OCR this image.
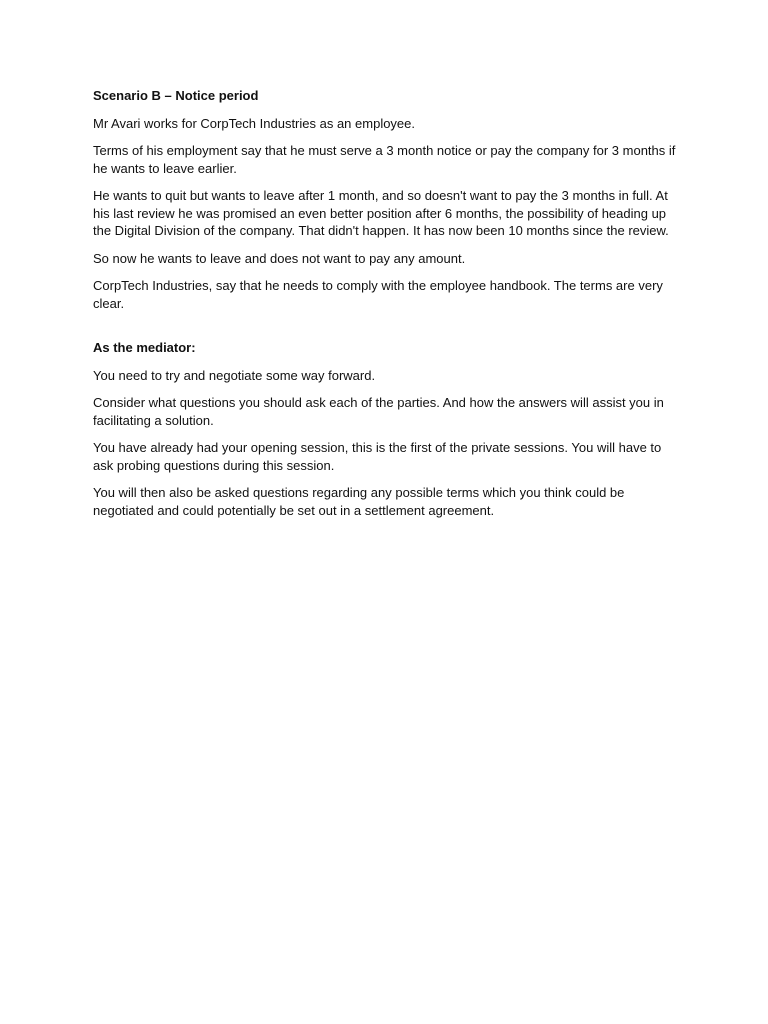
Scenario B – Notice period

Mr Avari works for CorpTech Industries as an employee.

Terms of his employment say that he must serve a 3 month notice or pay the company for 3 months if he wants to leave earlier.

He wants to quit but wants to leave after 1 month, and so doesn't want to pay the 3 months in full. At his last review he was promised an even better position after 6 months, the possibility of heading up the Digital Division of the company. That didn't happen. It has now been 10 months since the review.

So now he wants to leave and does not want to pay any amount.

CorpTech Industries, say that he needs to comply with the employee handbook. The terms are very clear.

As the mediator:

You need to try and negotiate some way forward.

Consider what questions you should ask each of the parties. And how the answers will assist you in facilitating a solution.

You have already had your opening session, this is the first of the private sessions. You will have to ask probing questions during this session.

You will then also be asked questions regarding any possible terms which you think could be negotiated and could potentially be set out in a settlement agreement.
